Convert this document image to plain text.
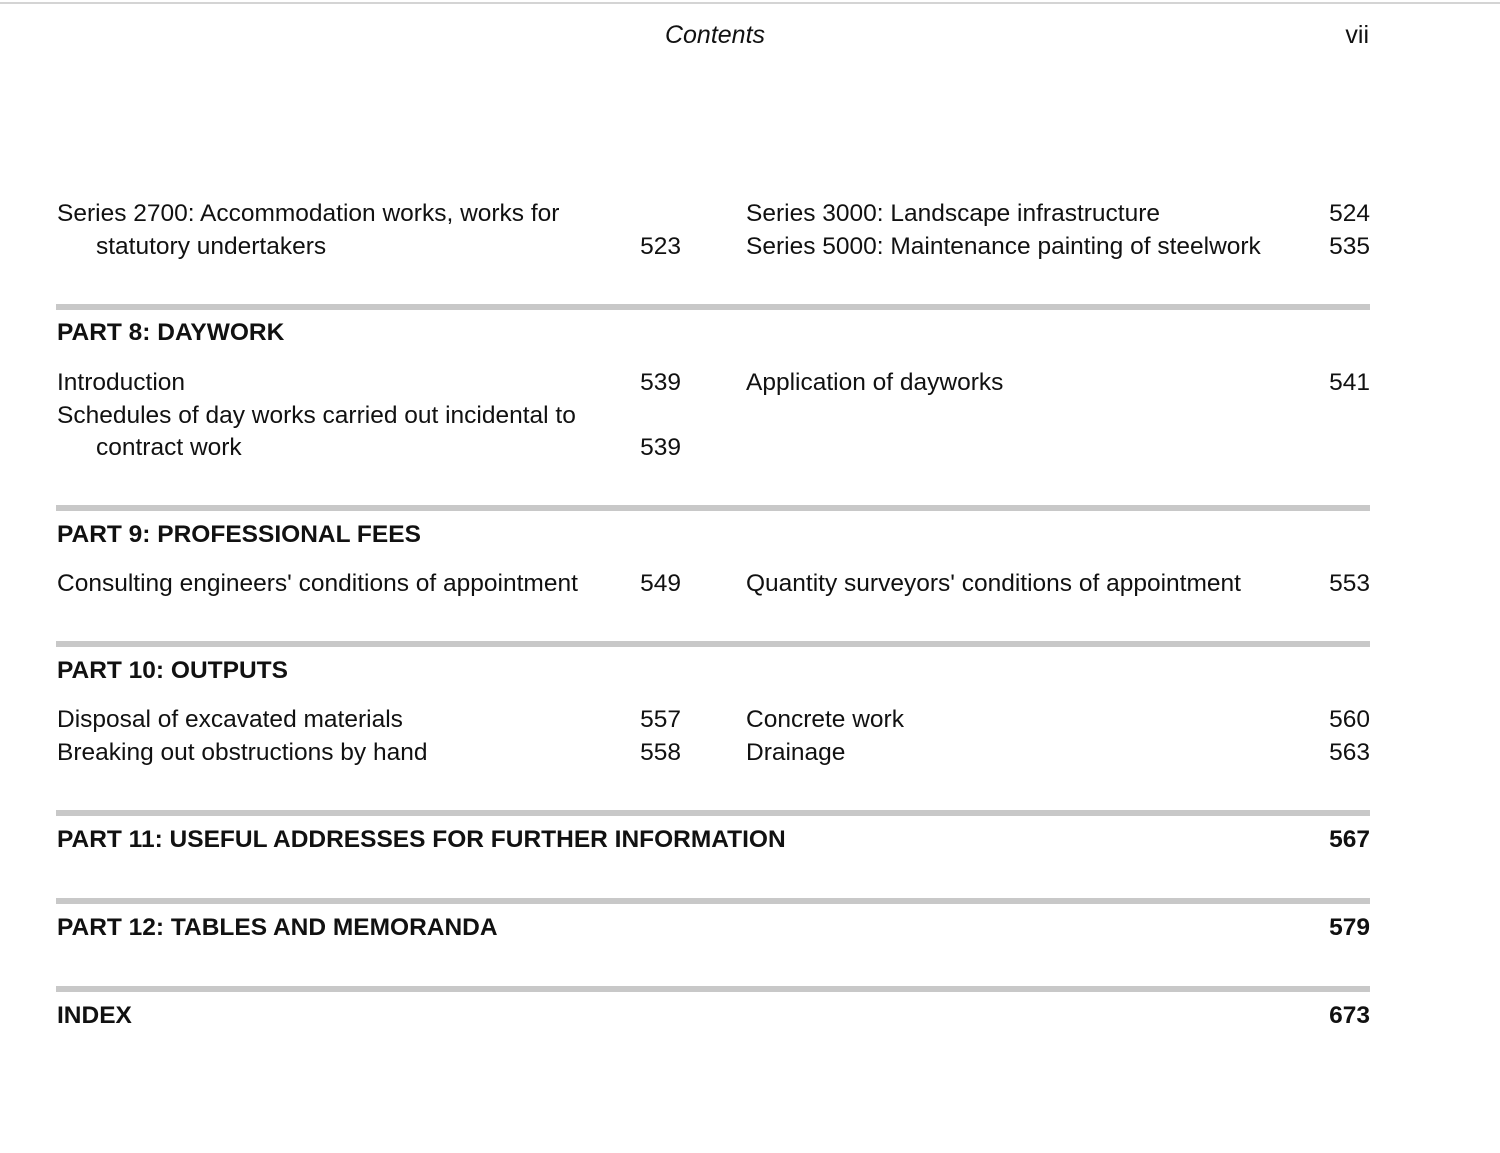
Contents	vii
Series 2700: Accommodation works, works for
statutory undertakers	523
Series 3000: Landscape infrastructure	524
Series 5000: Maintenance painting of steelwork	535
PART 8: DAYWORK
Introduction	539
Schedules of day works carried out incidental to
contract work	539
Application of dayworks	541
PART 9: PROFESSIONAL FEES
Consulting engineers' conditions of appointment	549	Quantity surveyors' conditions of appointment	553
PART 10: OUTPUTS
Disposal of excavated materials	557
Breaking out obstructions by hand	558
Concrete work	560
Drainage	563
PART 11: USEFUL ADDRESSES FOR FURTHER INFORMATION	567
PART 12: TABLES AND MEMORANDA	579
INDEX	673
